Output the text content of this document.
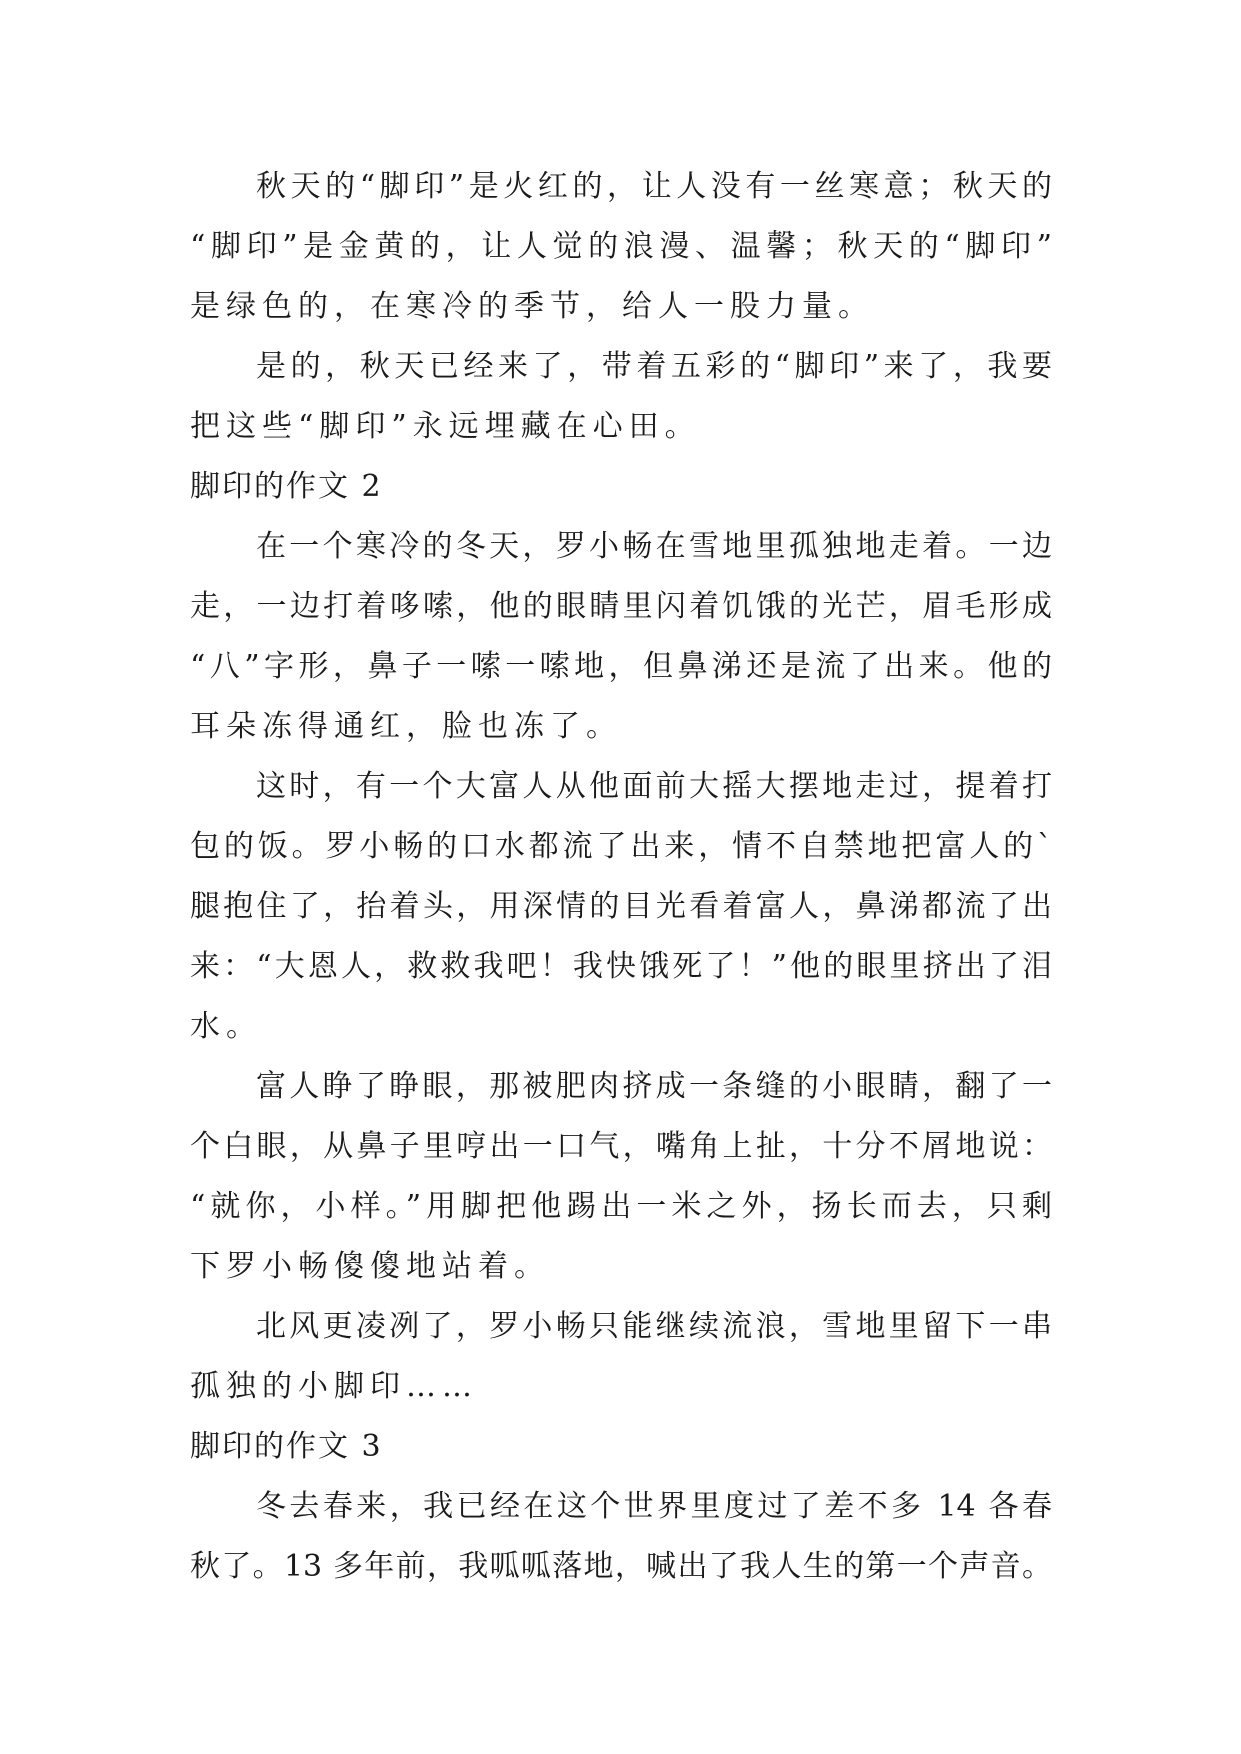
秋天的“脚印”是火红的，让人没有一丝寒意；秋天的
“脚印”是金黄的，让人觉的浪漫、温馨；秋天的“脚印”
是绿色的，在寒冷的季节，给人一股力量。
是的，秋天已经来了，带着五彩的“脚印”来了，我要
把这些“脚印”永远埋藏在心田。
脚印的作文 2
在一个寒冷的冬天，罗小畅在雪地里孤独地走着。一边
走，一边打着哆嗦，他的眼睛里闪着饥饿的光芒，眉毛形成
“八”字形，鼻子一嗦一嗦地，但鼻涕还是流了出来。他的
耳朵冻得通红，脸也冻了。
这时，有一个大富人从他面前大摇大摆地走过，提着打
包的饭。罗小畅的口水都流了出来，情不自禁地把富人的`
腿抱住了，抬着头，用深情的目光看着富人，鼻涕都流了出
来：“大恩人，救救我吧！我快饿死了！”他的眼里挤出了泪
水。
富人睁了睁眼，那被肥肉挤成一条缝的小眼睛，翻了一
个白眼，从鼻子里哼出一口气，嘴角上扯，十分不屑地说：
“就你，小样。”用脚把他踢出一米之外，扬长而去，只剩
下罗小畅傻傻地站着。
北风更凌冽了，罗小畅只能继续流浪，雪地里留下一串
孤独的小脚印……
脚印的作文 3
冬去春来，我已经在这个世界里度过了差不多 14 各春
秋了。13 多年前，我呱呱落地，喊出了我人生的第一个声音。
